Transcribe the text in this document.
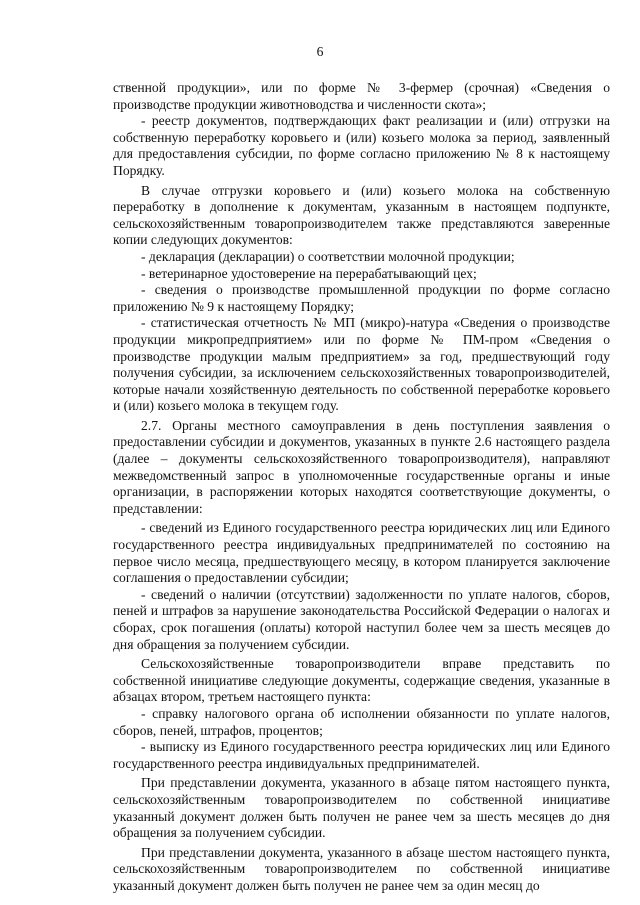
6

ственной продукции», или по форме № 3-фермер (срочная) «Сведения о производстве продукции животноводства и численности скота»;

- реестр документов, подтверждающих факт реализации и (или) отгрузки на собственную переработку коровьего и (или) козьего молока за период, заявленный для предоставления субсидии, по форме согласно приложению № 8 к настоящему Порядку.

В случае отгрузки коровьего и (или) козьего молока на собственную переработку в дополнение к документам, указанным в настоящем подпункте, сельскохозяйственным товаропроизводителем также представляются заверенные копии следующих документов:

- декларация (декларации) о соответствии молочной продукции;

- ветеринарное удостоверение на перерабатывающий цех;

- сведения о производстве промышленной продукции по форме согласно приложению № 9 к настоящему Порядку;

- статистическая отчетность № МП (микро)-натура «Сведения о производстве продукции микропредприятием» или по форме № ПМ-пром «Сведения о производстве продукции малым предприятием» за год, предшествующий году получения субсидии, за исключением сельскохозяйственных товаропроизводителей, которые начали хозяйственную деятельность по собственной переработке коровьего и (или) козьего молока в текущем году.

2.7. Органы местного самоуправления в день поступления заявления о предоставлении субсидии и документов, указанных в пункте 2.6 настоящего раздела (далее – документы сельскохозяйственного товаропроизводителя), направляют межведомственный запрос в уполномоченные государственные органы и иные организации, в распоряжении которых находятся соответствующие документы, о представлении:

- сведений из Единого государственного реестра юридических лиц или Единого государственного реестра индивидуальных предпринимателей по состоянию на первое число месяца, предшествующего месяцу, в котором планируется заключение соглашения о предоставлении субсидии;

- сведений о наличии (отсутствии) задолженности по уплате налогов, сборов, пеней и штрафов за нарушение законодательства Российской Федерации о налогах и сборах, срок погашения (оплаты) которой наступил более чем за шесть месяцев до дня обращения за получением субсидии.

Сельскохозяйственные товаропроизводители вправе представить по собственной инициативе следующие документы, содержащие сведения, указанные в абзацах втором, третьем настоящего пункта:

- справку налогового органа об исполнении обязанности по уплате налогов, сборов, пеней, штрафов, процентов;

- выписку из Единого государственного реестра юридических лиц или Единого государственного реестра индивидуальных предпринимателей.

При представлении документа, указанного в абзаце пятом настоящего пункта, сельскохозяйственным товаропроизводителем по собственной инициативе указанный документ должен быть получен не ранее чем за шесть месяцев до дня обращения за получением субсидии.

При представлении документа, указанного в абзаце шестом настоящего пункта, сельскохозяйственным товаропроизводителем по собственной инициативе указанный документ должен быть получен не ранее чем за один месяц до
